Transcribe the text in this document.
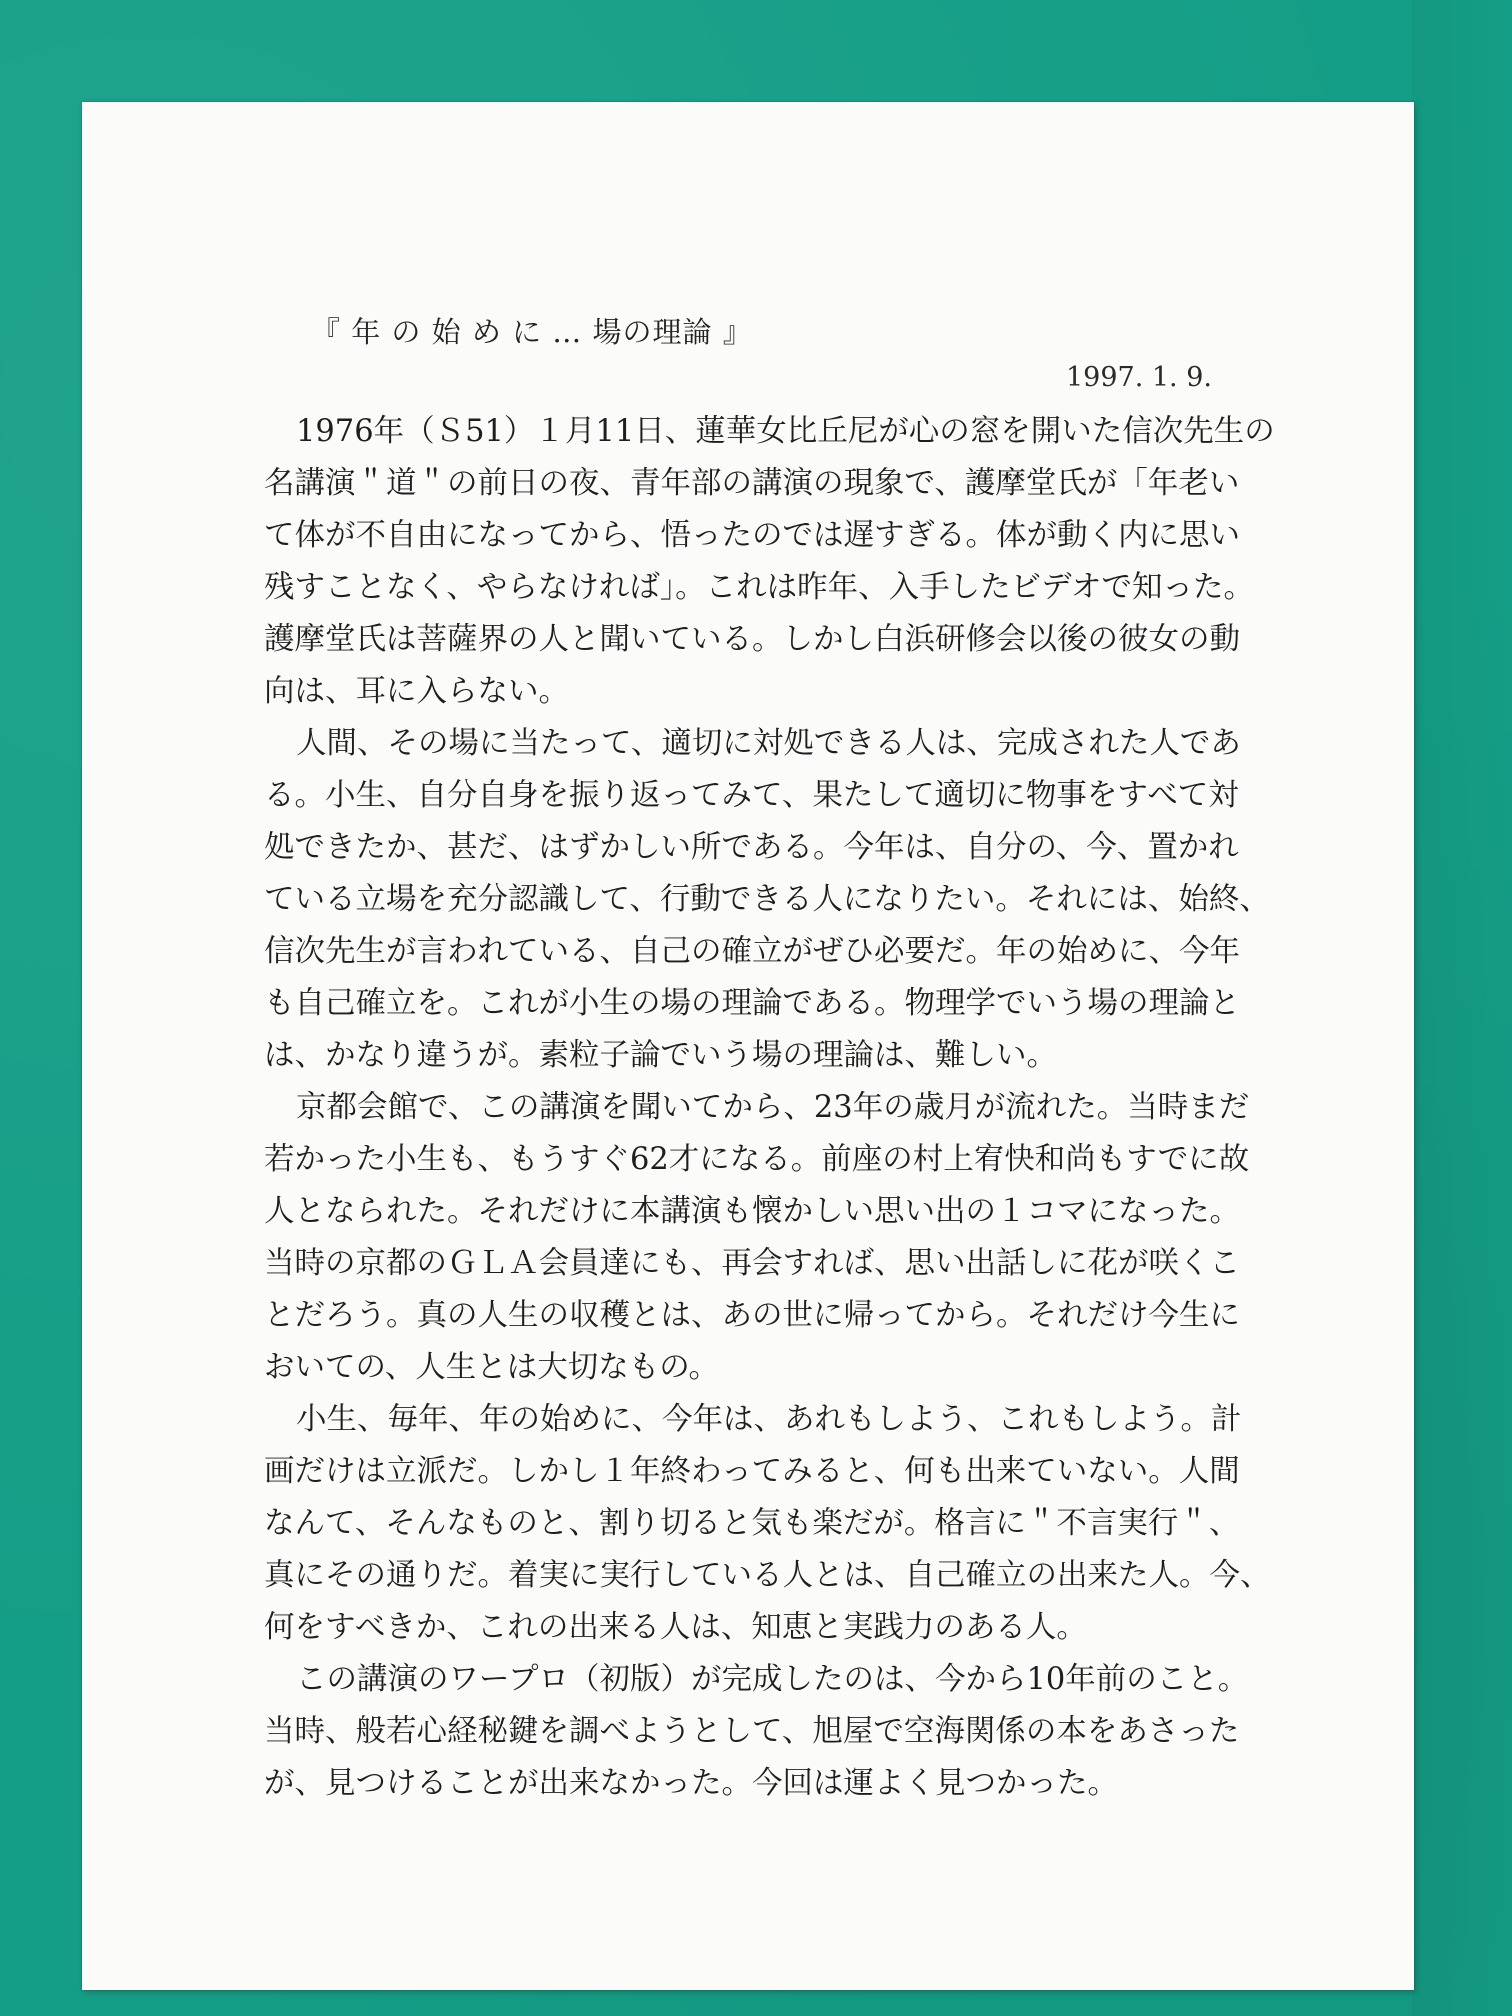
『 年 の 始 め に … 場の理論 』
1997. 1. 9.
1976年（Ｓ51）１月11日、蓮華女比丘尼が心の窓を開いた信次先生の
名講演＂道＂の前日の夜、青年部の講演の現象で、護摩堂氏が「年老い
て体が不自由になってから、悟ったのでは遅すぎる。体が動く内に思い
残すことなく、やらなければ」。これは昨年、入手したビデオで知った。
護摩堂氏は菩薩界の人と聞いている。しかし白浜研修会以後の彼女の動
向は、耳に入らない。
人間、その場に当たって、適切に対処できる人は、完成された人であ
る。小生、自分自身を振り返ってみて、果たして適切に物事をすべて対
処できたか、甚だ、はずかしい所である。今年は、自分の、今、置かれ
ている立場を充分認識して、行動できる人になりたい。それには、始終、
信次先生が言われている、自己の確立がぜひ必要だ。年の始めに、今年
も自己確立を。これが小生の場の理論である。物理学でいう場の理論と
は、かなり違うが。素粒子論でいう場の理論は、難しい。
京都会館で、この講演を聞いてから、23年の歳月が流れた。当時まだ
若かった小生も、もうすぐ62才になる。前座の村上宥快和尚もすでに故
人となられた。それだけに本講演も懐かしい思い出の１コマになった。
当時の京都のＧＬＡ会員達にも、再会すれば、思い出話しに花が咲くこ
とだろう。真の人生の収穫とは、あの世に帰ってから。それだけ今生に
おいての、人生とは大切なもの。
小生、毎年、年の始めに、今年は、あれもしよう、これもしよう。計
画だけは立派だ。しかし１年終わってみると、何も出来ていない。人間
なんて、そんなものと、割り切ると気も楽だが。格言に＂不言実行＂、
真にその通りだ。着実に実行している人とは、自己確立の出来た人。今、
何をすべきか、これの出来る人は、知恵と実践力のある人。
この講演のワープロ（初版）が完成したのは、今から10年前のこと。
当時、般若心経秘鍵を調べようとして、旭屋で空海関係の本をあさった
が、見つけることが出来なかった。今回は運よく見つかった。
